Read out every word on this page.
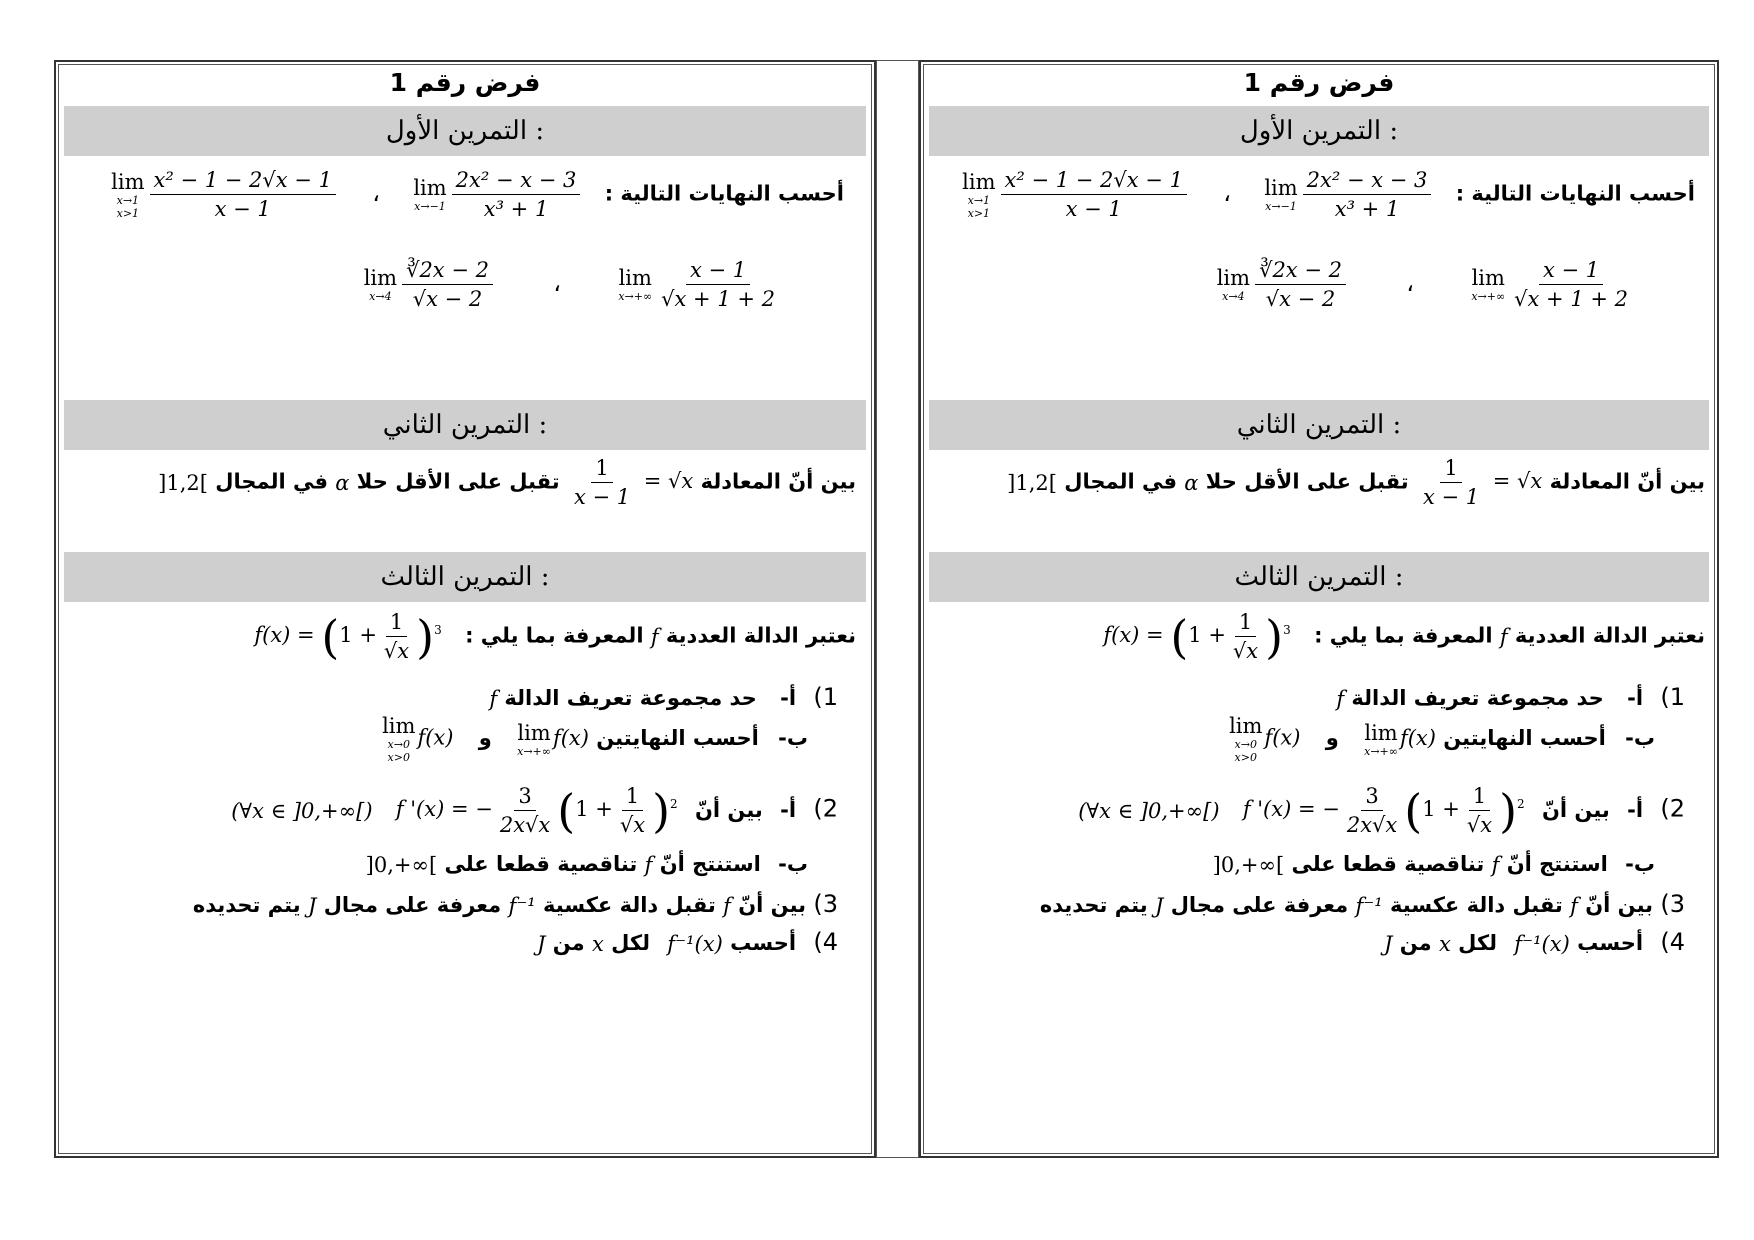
فرض رقم 1
التمرين الأول :
أحسب النهايات التالية :
lim
$x\to-1 \frac{\text{2x² − x − 3}}{\text{x³ + 1}}$
،
lim
x→1
$x>1 \frac{\text{x² − 1 − 2√x − 1}}{x - 1}$
lim
$x\to+\infty \frac{x - 1}{√x + 1 + 2}$
،
lim
$x\to 4 \frac{∛2x - 2}{√x - 2}$
التمرين الثاني :
بين أنّ المعادلة
$\frac{1}{x - 1} = √x$ تقبل على الأقل حلا α في المجال ]1,2[
التمرين الثالث :
نعتبر الدالة العددية f المعرفة بما يلي : $f(x) = (1 + \frac{1}{√x} )^3$
1) أ- حد مجموعة تعريف الدالة f
ب- أحسب النهايتين
lim
x→+∞
f(x) و
lim
x→0
x>0
f(x)
2) أ- بين أنّ f '(x) = − $\frac{3}{2x√x} (1 + \frac{1}{√x} )^2$ (∀x ∈ ]0,+∞[)
ب- استنتج أنّ f تناقصية قطعا على ]0,+∞[
3) بين أنّ f تقبل دالة عكسية f⁻¹ معرفة على مجال J يتم تحديده
4) أحسب f⁻¹(x) لكل x من J
فرض رقم 1
التمرين الأول :
أحسب النهايات التالية :
lim
$x\to-1 \frac{\text{2x² − x − 3}}{\text{x³ + 1}}$
،
lim
x→1
$x>1 \frac{\text{x² − 1 − 2√x − 1}}{x - 1}$
lim
$x\to+\infty \frac{x - 1}{√x + 1 + 2}$
،
lim
$x\to 4 \frac{∛2x - 2}{√x - 2}$
التمرين الثاني :
بين أنّ المعادلة
$\frac{1}{x - 1} = √x$ تقبل على الأقل حلا α في المجال ]1,2[
التمرين الثالث :
نعتبر الدالة العددية f المعرفة بما يلي : $f(x) = (1 + \frac{1}{√x} )^3$
1) أ- حد مجموعة تعريف الدالة f
ب- أحسب النهايتين
lim
x→+∞
f(x) و
lim
x→0
x>0
f(x)
2) أ- بين أنّ f '(x) = − $\frac{3}{2x√x} (1 + \frac{1}{√x} )^2$ (∀x ∈ ]0,+∞[)
ب- استنتج أنّ f تناقصية قطعا على ]0,+∞[
3) بين أنّ f تقبل دالة عكسية f⁻¹ معرفة على مجال J يتم تحديده
4) أحسب f⁻¹(x) لكل x من J
